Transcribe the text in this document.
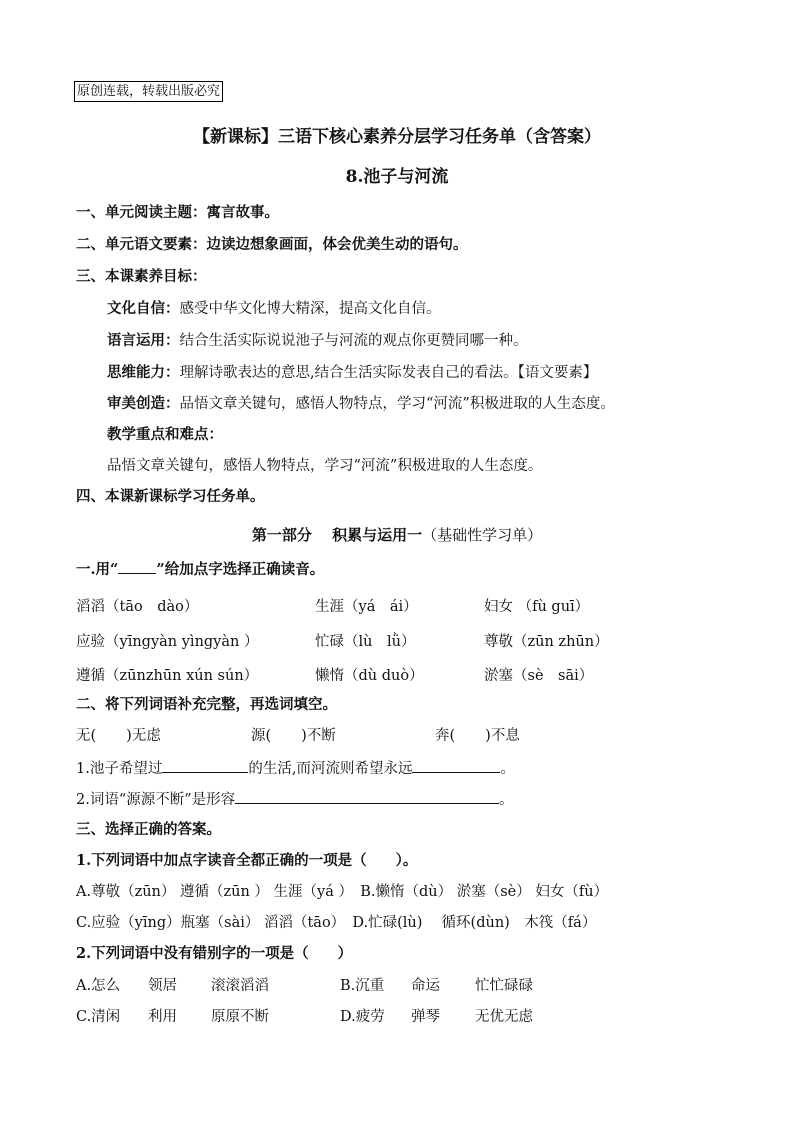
原创连载，转载出版必究
【新课标】三语下核心素养分层学习任务单（含答案）
8.池子与河流
一、单元阅读主题：寓言故事。
二、单元语文要素：边读边想象画面，体会优美生动的语句。
三、本课素养目标：
文化自信：感受中华文化博大精深，提高文化自信。
语言运用：结合生活实际说说池子与河流的观点你更赞同哪一种。
思维能力：理解诗歌表达的意思,结合生活实际发表自己的看法。【语文要素】
审美创造：品悟文章关键句，感悟人物特点，学习“河流”积极进取的人生态度。
教学重点和难点：
品悟文章关键句，感悟人物特点，学习“河流”积极进取的人生态度。
四、本课新课标学习任务单。
第一部分　 积累与运用一（基础性学习单）
一.用“	”给加点字选择正确读音。
滔滔（tāo　dào）	生涯（yá　ái）	妇女 （fù guī）
应验（yīngyàn yìngyàn ）	忙碌（lù　lǜ）	尊敬（zūn zhūn）
遵循（zūnzhūn xún sún）	懒惰（dù duò）	淤塞（sè　sāi）
二、将下列词语补充完整，再选词填空。
无( )无虑	源( )不断	奔( )不息
1.池子希望过	的生活,而河流则希望永远	。
2.词语“源源不断”是形容	。
三、选择正确的答案。
1.下列词语中加点字读音全都正确的一项是（　　）。
A.尊敬（zūn） 遵循（zūn ） 生涯（yá ）　B.懒惰（dù） 淤塞（sè） 妇女（fù）
C.应验（yīng）瓶塞（sài） 滔滔（tāo）　D.忙碌(lù)　 循环(dùn)　木筏（fá）
2.下列词语中没有错别字的一项是（　　）
A.怎么 领居 滚滚滔滔	B.沉重 命运 忙忙碌碌
C.清闲 利用 原原不断	D.疲劳 弹琴 无优无虑
